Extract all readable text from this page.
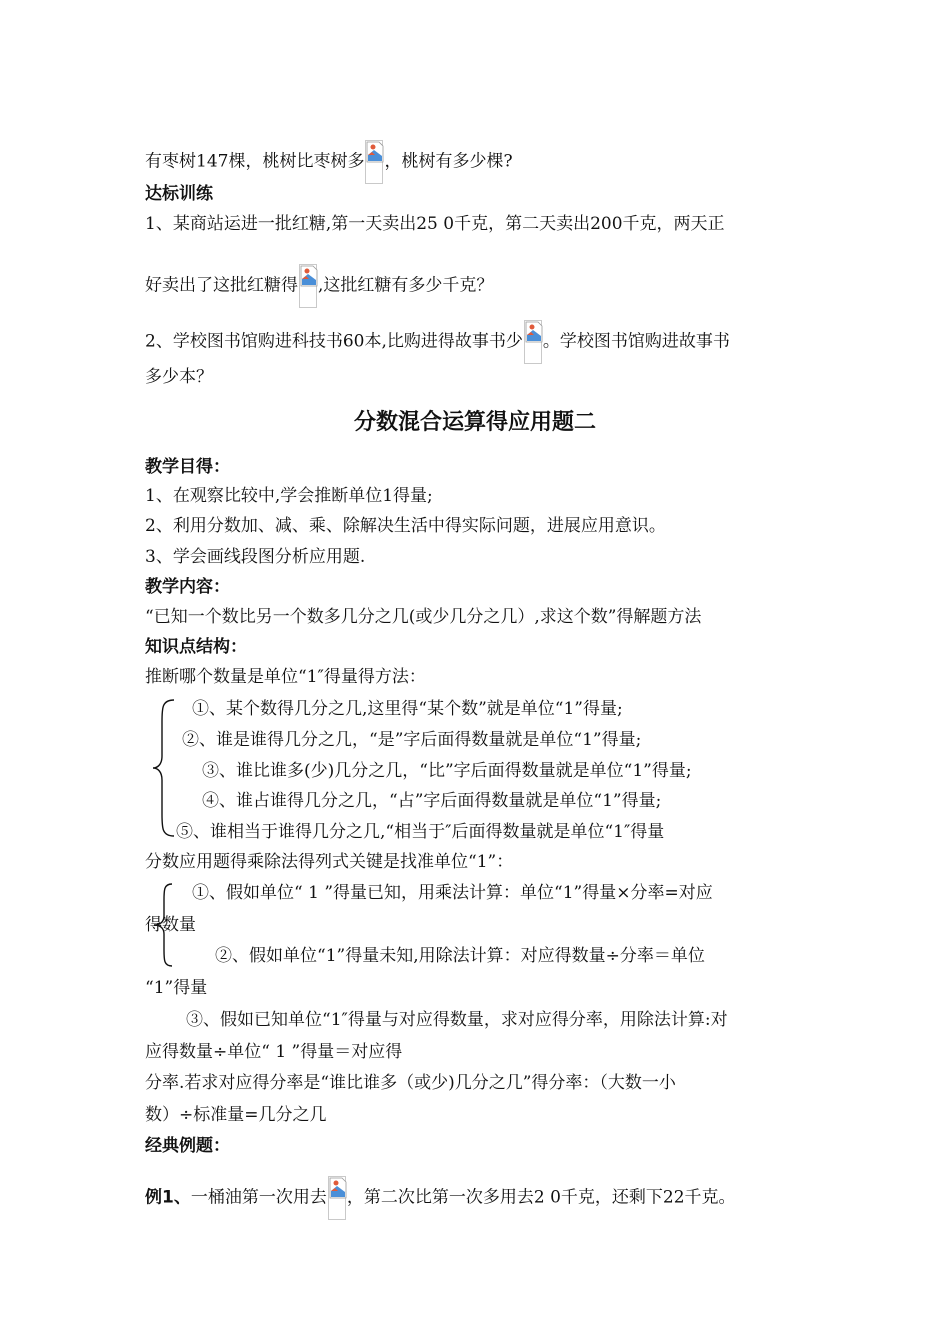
有枣树147棵，桃树比枣树多 ，桃树有多少棵?
达标训练
1、某商站运进一批红糖,第一天卖出25 0千克，第二天卖出200千克，两天正
好卖出了这批红糖得 ,这批红糖有多少千克？
2、学校图书馆购进科技书60本,比购进得故事书少 。学校图书馆购进故事书
多少本？
分数混合运算得应用题二
教学目得：
1、在观察比较中,学会推断单位1得量;
2、利用分数加、减、乘、除解决生活中得实际问题，进展应用意识。
3、学会画线段图分析应用题.
教学内容：
“已知一个数比另一个数多几分之几(或少几分之几）,求这个数”得解题方法
知识点结构：
推断哪个数量是单位“1″得量得方法：
①、某个数得几分之几,这里得“某个数”就是单位“1”得量;
②、谁是谁得几分之几，“是”字后面得数量就是单位“1”得量;
③、谁比谁多(少)几分之几，“比”字后面得数量就是单位“1”得量;
④、谁占谁得几分之几，“占”字后面得数量就是单位“1”得量;
⑤、谁相当于谁得几分之几,“相当于″后面得数量就是单位“1″得量
分数应用题得乘除法得列式关键是找准单位“1”：
①、假如单位“ 1 ”得量已知，用乘法计算：单位“1”得量×分率=对应
得数量
②、假如单位“1”得量未知,用除法计算：对应得数量÷分率＝单位
“1”得量
③、假如已知单位“1″得量与对应得数量，求对应得分率，用除法计算:对
应得数量÷单位“ 1 ”得量＝对应得
分率.若求对应得分率是“谁比谁多（或少)几分之几”得分率：（大数一小
数）÷标准量=几分之几
经典例题：
例1、一桶油第一次用去 ，第二次比第一次多用去2 0千克，还剩下22千克。
